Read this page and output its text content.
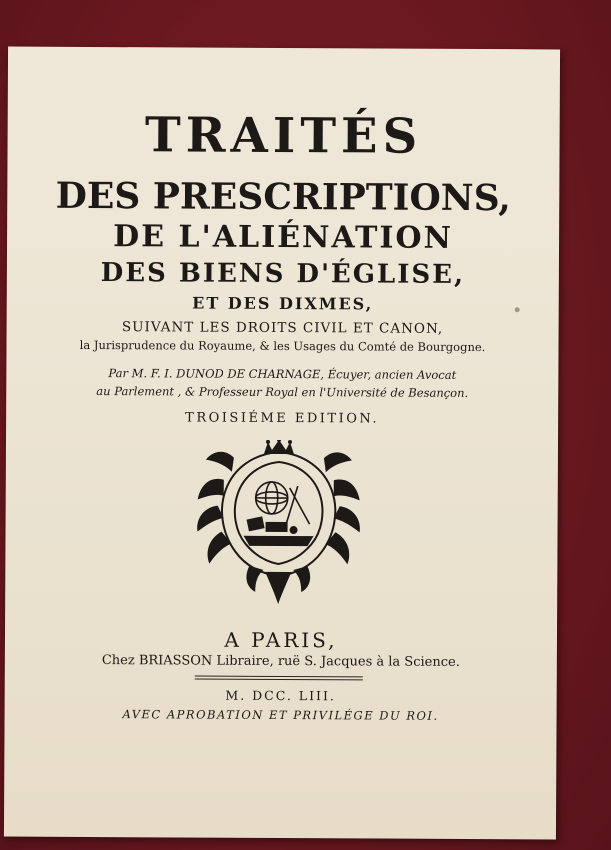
TRAITÉS

DES PRESCRIPTIONS,

DE L'ALIÉNATION

DES BIENS D'ÉGLISE,

ET DES DIXMES,

SUIVANT LES DROITS CIVIL ET CANON,

la Jurisprudence du Royaume, & les Usages du Comté de Bourgogne.

Par M. F. I. DUNOD DE CHARNAGE, Écuyer, ancien Avocat

au Parlement , & Professeur Royal en l'Université de Besançon.

TROISIÉME EDITION.

A PARIS,

Chez BRIASSON Libraire, ruë S. Jacques à la Science.

M. DCC. LIII.

AVEC APROBATION ET PRIVILÉGE DU ROI.
